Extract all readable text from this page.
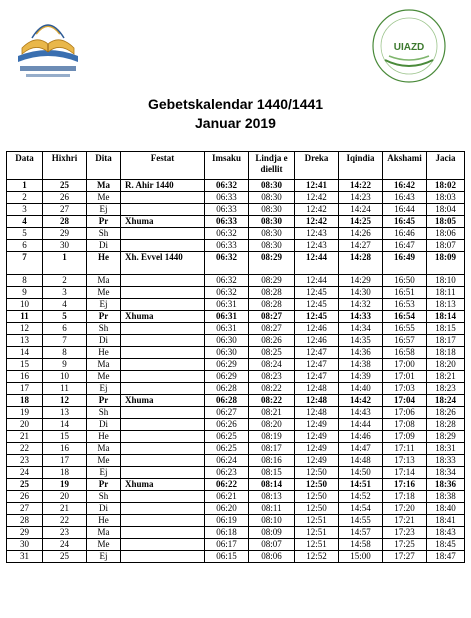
UIAZD
Gebetskalendar 1440/1441
Januar 2019
Data	Hixhri	Dita	Festat	Imsaku	Lindja e diellit	Dreka	Iqindia	Akshami	Jacia
1	25	Ma	R. Ahir 1440	06:32	08:30	12:41	14:22	16:42	18:02
2	26	Me		06:33	08:30	12:42	14:23	16:43	18:03
3	27	Ej		06:33	08:30	12:42	14:24	16:44	18:04
4	28	Pr	Xhuma	06:33	08:30	12:42	14:25	16:45	18:05
5	29	Sh		06:32	08:30	12:43	14:26	16:46	18:06
6	30	Di		06:33	08:30	12:43	14:27	16:47	18:07
7	1	He	Xh. Evvel 1440	06:32	08:29	12:44	14:28	16:49	18:09
8	2	Ma		06:32	08:29	12:44	14:29	16:50	18:10
9	3	Me		06:32	08:28	12:45	14:30	16:51	18:11
10	4	Ej		06:31	08:28	12:45	14:32	16:53	18:13
11	5	Pr	Xhuma	06:31	08:27	12:45	14:33	16:54	18:14
12	6	Sh		06:31	08:27	12:46	14:34	16:55	18:15
13	7	Di		06:30	08:26	12:46	14:35	16:57	18:17
14	8	He		06:30	08:25	12:47	14:36	16:58	18:18
15	9	Ma		06:29	08:24	12:47	14:38	17:00	18:20
16	10	Me		06:29	08:23	12:47	14:39	17:01	18:21
17	11	Ej		06:28	08:22	12:48	14:40	17:03	18:23
18	12	Pr	Xhuma	06:28	08:22	12:48	14:42	17:04	18:24
19	13	Sh		06:27	08:21	12:48	14:43	17:06	18:26
20	14	Di		06:26	08:20	12:49	14:44	17:08	18:28
21	15	He		06:25	08:19	12:49	14:46	17:09	18:29
22	16	Ma		06:25	08:17	12:49	14:47	17:11	18:31
23	17	Me		06:24	08:16	12:49	14:48	17:13	18:33
24	18	Ej		06:23	08:15	12:50	14:50	17:14	18:34
25	19	Pr	Xhuma	06:22	08:14	12:50	14:51	17:16	18:36
26	20	Sh		06:21	08:13	12:50	14:52	17:18	18:38
27	21	Di		06:20	08:11	12:50	14:54	17:20	18:40
28	22	He		06:19	08:10	12:51	14:55	17:21	18:41
29	23	Ma		06:18	08:09	12:51	14:57	17:23	18:43
30	24	Me		06:17	08:07	12:51	14:58	17:25	18:45
31	25	Ej		06:15	08:06	12:52	15:00	17:27	18:47
